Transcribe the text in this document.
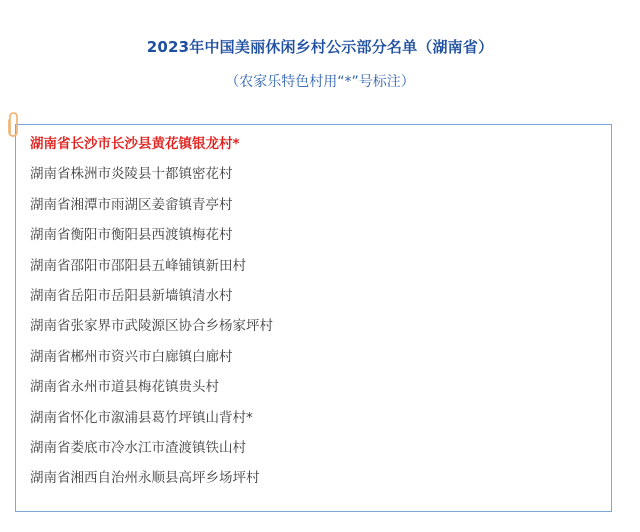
2023年中国美丽休闲乡村公示部分名单（湖南省）
（农家乐特色村用“*”号标注）
湖南省长沙市长沙县黄花镇银龙村*
湖南省株洲市炎陵县十都镇密花村
湖南省湘潭市雨湖区姜畲镇青亭村
湖南省衡阳市衡阳县西渡镇梅花村
湖南省邵阳市邵阳县五峰铺镇新田村
湖南省岳阳市岳阳县新墙镇清水村
湖南省张家界市武陵源区协合乡杨家坪村
湖南省郴州市资兴市白廊镇白廊村
湖南省永州市道县梅花镇贵头村
湖南省怀化市溆浦县葛竹坪镇山背村*
湖南省娄底市冷水江市渣渡镇铁山村
湖南省湘西自治州永顺县高坪乡场坪村
